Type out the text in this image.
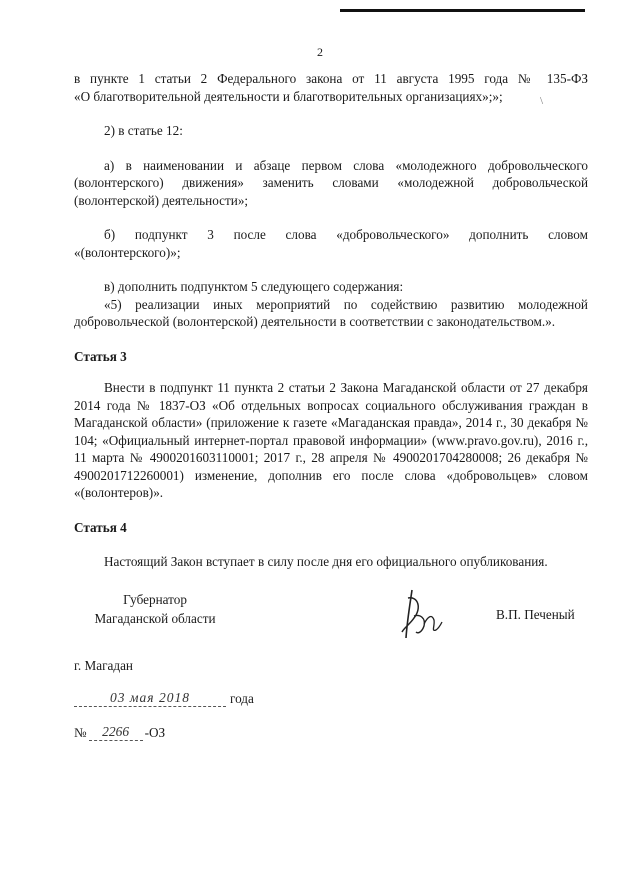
2

в пункте 1 статьи 2 Федерального закона от 11 августа 1995 года № 135-ФЗ

«О благотворительной деятельности и благотворительных организациях»;»;

2) в статье 12:

а) в наименовании и абзаце первом слова «молодежного добровольческого (волонтерского) движения» заменить словами «молодежной добровольческой (волонтерской) деятельности»;

б) подпункт 3 после слова «добровольческого» дополнить словом

«(волонтерского)»;

в) дополнить подпунктом 5 следующего содержания:

«5) реализации иных мероприятий по содействию развитию молодежной добровольческой (волонтерской) деятельности в соответствии с законодательством.».

Статья 3

Внести в подпункт 11 пункта 2 статьи 2 Закона Магаданской области от 27 декабря 2014 года № 1837-ОЗ «Об отдельных вопросах социального обслуживания граждан в Магаданской области» (приложение к газете «Магаданская правда», 2014 г., 30 декабря № 104; «Официальный интернет-портал правовой информации» (www.pravo.gov.ru), 2016 г., 11 марта № 4900201603110001; 2017 г., 28 апреля № 4900201704280008; 26 декабря № 4900201712260001) изменение, дополнив его после слова «добровольцев» словом «(волонтеров)».

Статья 4

Настоящий Закон вступает в силу после дня его официального опубликования.

\
Губернатор
Магаданской области	В.П. Печеный
г. Магадан
03 мая 2018	года
№	2266	-ОЗ
